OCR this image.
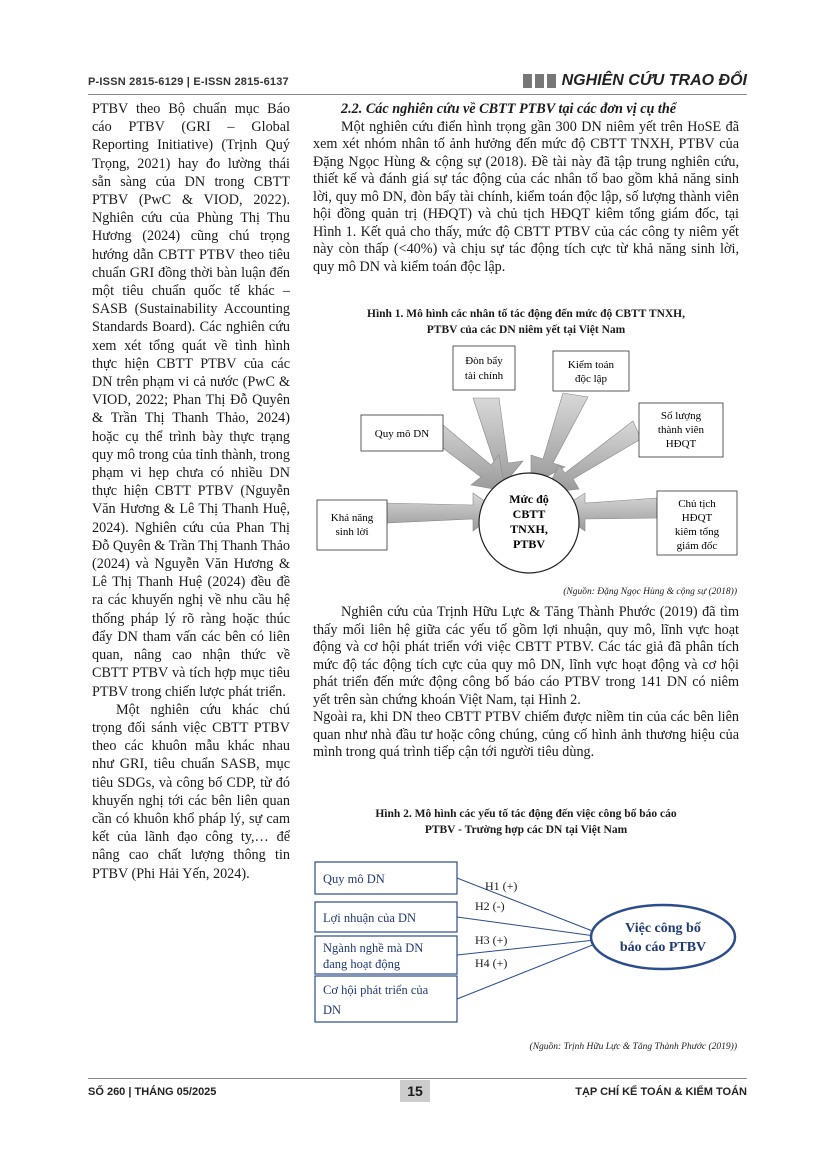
P-ISSN 2815-6129 | E-ISSN 2815-6137	NGHIÊN CỨU TRAO ĐỔI

PTBV theo Bộ chuẩn mục Báo cáo PTBV (GRI – Global Reporting Initiative) (Trịnh Quý Trọng, 2021) hay đo lường thái sẵn sàng của DN trong CBTT PTBV (PwC & VIOD, 2022). Nghiên cứu của Phùng Thị Thu Hương (2024) cũng chú trọng hướng dẫn CBTT PTBV theo tiêu chuẩn GRI đồng thời bàn luận đến một tiêu chuẩn quốc tế khác – SASB (Sustainability Accounting Standards Board). Các nghiên cứu xem xét tổng quát về tình hình thực hiện CBTT PTBV của các DN trên phạm vi cả nước (PwC & VIOD, 2022; Phan Thị Đỗ Quyên & Trần Thị Thanh Thảo, 2024) hoặc cụ thể trình bày thực trạng quy mô trong của tỉnh thành, trong phạm vi hẹp chưa có nhiều DN thực hiện CBTT PTBV (Nguyễn Văn Hương & Lê Thị Thanh Huệ, 2024). Nghiên cứu của Phan Thị Đỗ Quyên & Trần Thị Thanh Thảo (2024) và Nguyễn Văn Hương & Lê Thị Thanh Huệ (2024) đều đề ra các khuyến nghị về nhu cầu hệ thống pháp lý rõ ràng hoặc thúc đẩy DN tham vấn các bên có liên quan, nâng cao nhận thức về CBTT PTBV và tích hợp mục tiêu PTBV trong chiến lược phát triển.

Một nghiên cứu khác chú trọng đối sánh việc CBTT PTBV theo các khuôn mẫu khác nhau như GRI, tiêu chuẩn SASB, mục tiêu SDGs, và công bố CDP, từ đó khuyến nghị tới các bên liên quan cần có khuôn khổ pháp lý, sự cam kết của lãnh đạo công ty,… để nâng cao chất lượng thông tin PTBV (Phi Hải Yến, 2024).

2.2. Các nghiên cứu về CBTT PTBV tại các đơn vị cụ thể

Một nghiên cứu điển hình trọng gần 300 DN niêm yết trên HoSE đã xem xét nhóm nhân tố ảnh hưởng đến mức độ CBTT TNXH, PTBV của Đặng Ngọc Hùng & cộng sự (2018). Đề tài này đã tập trung nghiên cứu, thiết kế và đánh giá sự tác động của các nhân tố bao gồm khả năng sinh lời, quy mô DN, đòn bẩy tài chính, kiểm toán độc lập, số lượng thành viên hội đồng quản trị (HĐQT) và chủ tịch HĐQT kiêm tổng giám đốc, tại Hình 1. Kết quả cho thấy, mức độ CBTT PTBV của các công ty niêm yết này còn thấp (<40%) và chịu sự tác động tích cực từ khả năng sinh lời, quy mô DN và kiểm toán độc lập.

Hình 1. Mô hình các nhân tố tác động đến mức độ CBTT TNXH,
PTBV của các DN niêm yết tại Việt Nam
Mức độ
CBTT
TNXH,
PTBV
Đòn bẩy
tài chính
Kiểm toán
độc lập
Quy mô DN
Số lượng
thành viên
HĐQT
Khả năng
sinh lời
Chủ tịch
HĐQT
kiêm tổng
giám đốc
(Nguồn: Đặng Ngọc Hùng & cộng sự (2018))

Nghiên cứu của Trịnh Hữu Lực & Tăng Thành Phước (2019) đã tìm thấy mối liên hệ giữa các yếu tố gồm lợi nhuận, quy mô, lĩnh vực hoạt động và cơ hội phát triển với việc CBTT PTBV. Các tác giả đã phân tích mức độ tác động tích cực của quy mô DN, lĩnh vực hoạt động và cơ hội phát triển đến mức động công bố báo cáo PTBV trong 141 DN có niêm yết trên sàn chứng khoán Việt Nam, tại Hình 2.

Ngoài ra, khi DN theo CBTT PTBV chiếm được niềm tin của các bên liên quan như nhà đầu tư hoặc công chúng, củng cố hình ảnh thương hiệu của mình trong quá trình tiếp cận tới người tiêu dùng.

Hình 2. Mô hình các yếu tố tác động đến việc công bố báo cáo
PTBV - Trường hợp các DN tại Việt Nam
Quy mô DN
Lợi nhuận của DN
Ngành nghề mà DN
đang hoạt động
Cơ hội phát triển của
DN
H1 (+)
H2 (-)
H3 (+)
H4 (+)
Việc công bố
báo cáo PTBV
(Nguồn: Trịnh Hữu Lực & Tăng Thành Phước (2019))
SỐ 260 | THÁNG 05/2025	15	TẠP CHÍ KẾ TOÁN & KIỂM TOÁN
